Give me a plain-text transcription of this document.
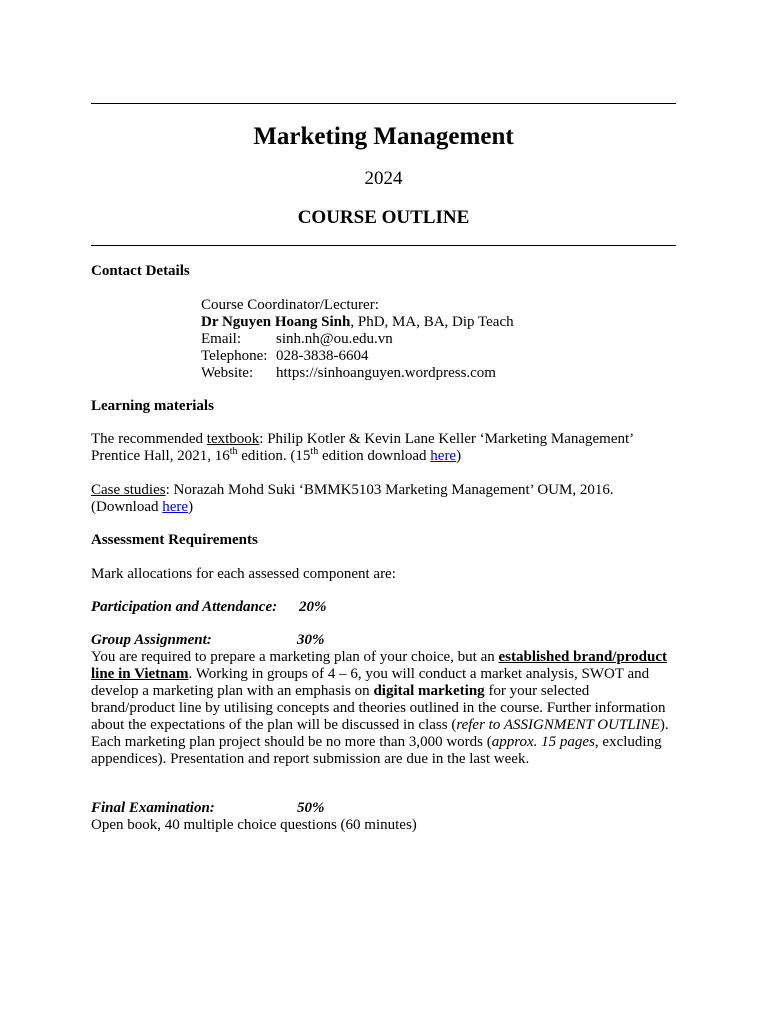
Marketing Management
2024
COURSE OUTLINE
Contact Details
Course Coordinator/Lecturer:
Dr Nguyen Hoang Sinh, PhD, MA, BA, Dip Teach
Email:	sinh.nh@ou.edu.vn
Telephone: 028-3838-6604
Website:	https://sinhoanguyen.wordpress.com
Learning materials

The recommended textbook: Philip Kotler & Kevin Lane Keller ‘Marketing Management’ Prentice Hall, 2021, 16th edition. (15th edition download here)

Case studies: Norazah Mohd Suki ‘BMMK5103 Marketing Management’ OUM, 2016. (Download here)

Assessment Requirements
Mark allocations for each assessed component are:
Participation and Attendance: 20%
Group Assignment:	30%

You are required to prepare a marketing plan of your choice, but an established brand/product line in Vietnam. Working in groups of 4 – 6, you will conduct a market analysis, SWOT and develop a marketing plan with an emphasis on digital marketing for your selected brand/product line by utilising concepts and theories outlined in the course. Further information about the expectations of the plan will be discussed in class (refer to ASSIGNMENT OUTLINE). Each marketing plan project should be no more than 3,000 words (approx. 15 pages, excluding appendices). Presentation and report submission are due in the last week.

Final Examination:	50%
Open book, 40 multiple choice questions (60 minutes)
